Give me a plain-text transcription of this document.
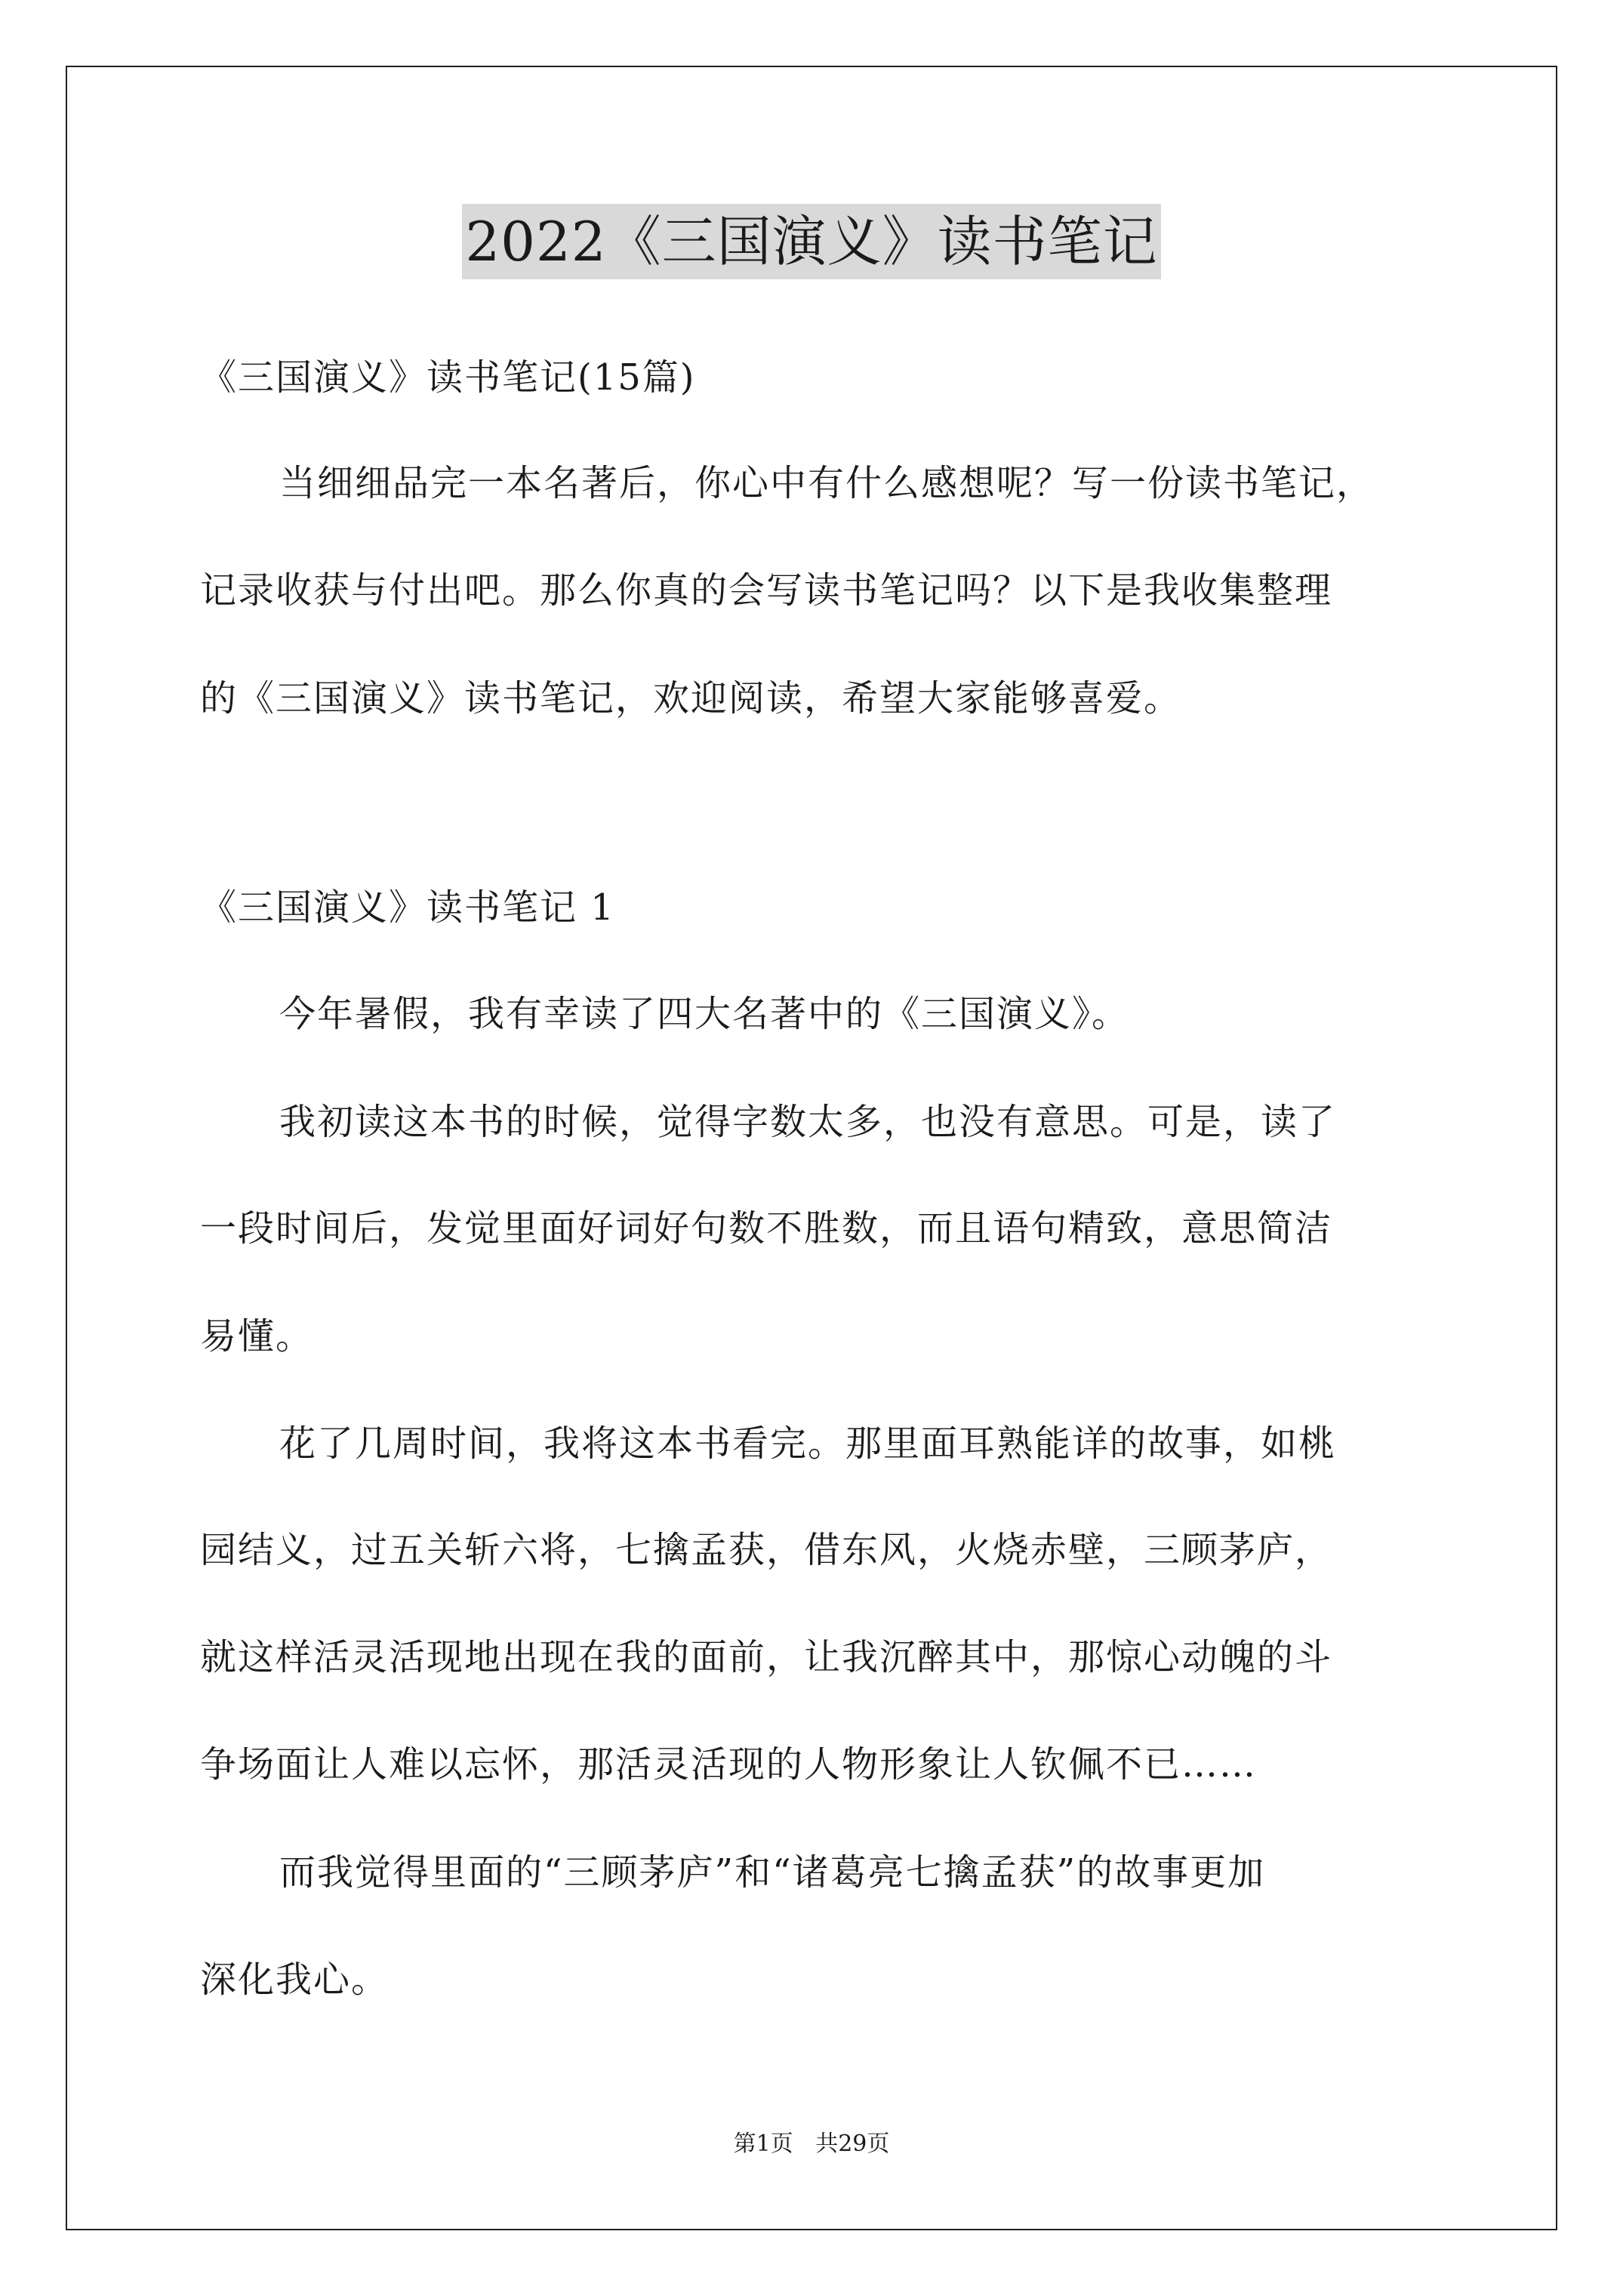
2022《三国演义》读书笔记
《三国演义》读书笔记(15篇)
当细细品完一本名著后，你心中有什么感想呢？写一份读书笔记，
记录收获与付出吧。那么你真的会写读书笔记吗？以下是我收集整理
的《三国演义》读书笔记，欢迎阅读，希望大家能够喜爱。
《三国演义》读书笔记 1
今年暑假，我有幸读了四大名著中的《三国演义》。
我初读这本书的时候，觉得字数太多，也没有意思。可是，读了
一段时间后，发觉里面好词好句数不胜数，而且语句精致，意思简洁
易懂。
花了几周时间，我将这本书看完。那里面耳熟能详的故事，如桃
园结义，过五关斩六将，七擒孟获，借东风，火烧赤壁，三顾茅庐，
就这样活灵活现地出现在我的面前，让我沉醉其中，那惊心动魄的斗
争场面让人难以忘怀，那活灵活现的人物形象让人钦佩不已……
而我觉得里面的“三顾茅庐”和“诸葛亮七擒孟获”的故事更加
深化我心。
第1页 共29页
